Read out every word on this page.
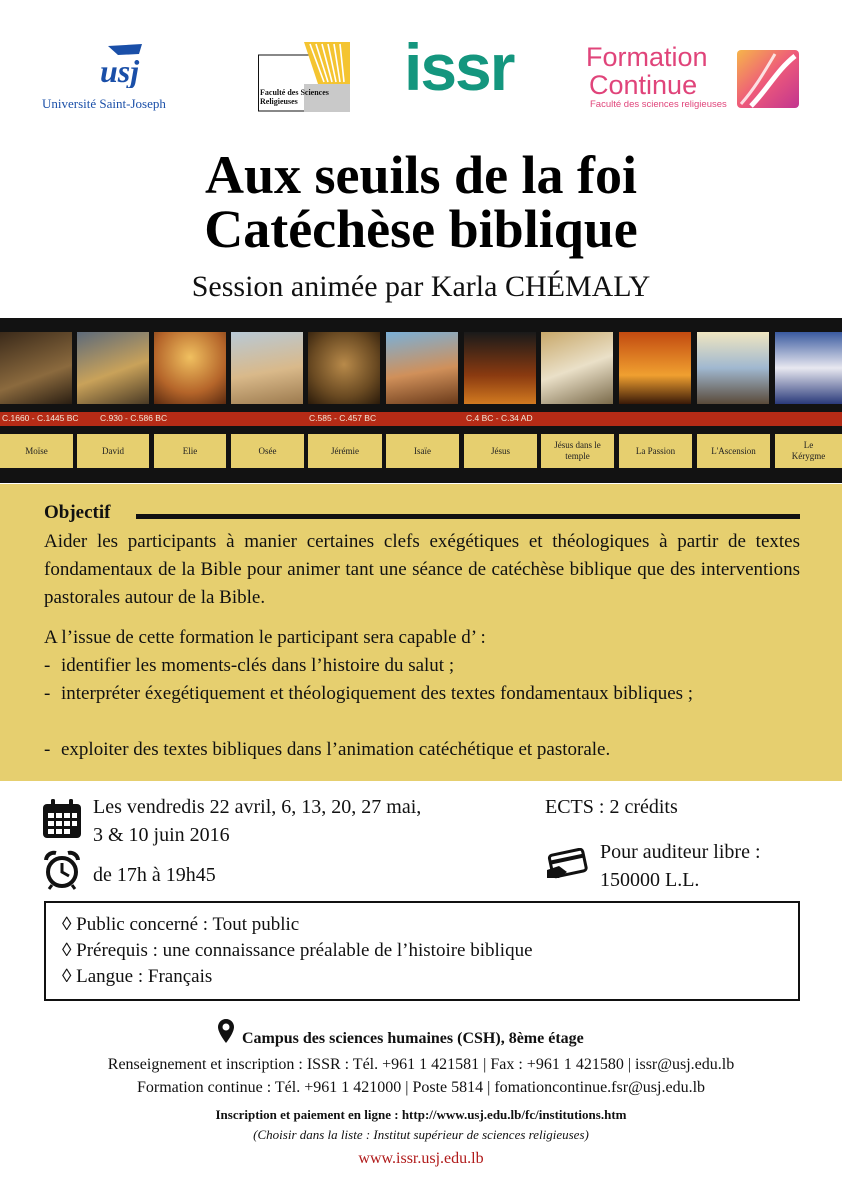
usj
Université Saint-Joseph
Faculté des Sciences Religieuses	issr	Formation
Continue
Faculté des sciences religieuses
Aux seuils de la foi
Catéchèse biblique
Session animée par Karla CHÉMALY
C.1660 - C.1445 BC	C.930 - C.586 BC	C.585 - C.457 BC	C.4 BC - C.34 AD
Moïse	David	Elie	Osée	Jérémie	Isaïe	Jésus
Jésus dans le temple
La Passion	L'Ascension
Le Kérygme
Objectif
Aider les participants à manier certaines clefs exégétiques et théologiques à partir de textes fondamentaux de la Bible pour animer tant une séance de catéchèse biblique que des interventions pastorales autour de la Bible.
A l’issue de cette formation le participant sera capable d’ :
- identifier les moments-clés dans l’histoire du salut ;
- interpréter éxegétiquement et théologiquement des textes fondamentaux bibliques ;
- exploiter des textes bibliques dans l’animation catéchétique et pastorale.
Les vendredis 22 avril, 6, 13, 20, 27 mai,
3 & 10 juin 2016
de 17h à 19h45
ECTS : 2 crédits
Pour auditeur libre :
150000 L.L.
◊ Public concerné : Tout public
◊ Prérequis : une connaissance préalable de l’histoire biblique
◊ Langue : Français
Campus des sciences humaines (CSH), 8ème étage
Renseignement et inscription : ISSR : Tél. +961 1 421581 | Fax : +961 1 421580 | issr@usj.edu.lb
Formation continue : Tél. +961 1 421000 | Poste 5814 | fomationcontinue.fsr@usj.edu.lb
Inscription et paiement en ligne : http://www.usj.edu.lb/fc/institutions.htm
(Choisir dans la liste : Institut supérieur de sciences religieuses)
www.issr.usj.edu.lb
